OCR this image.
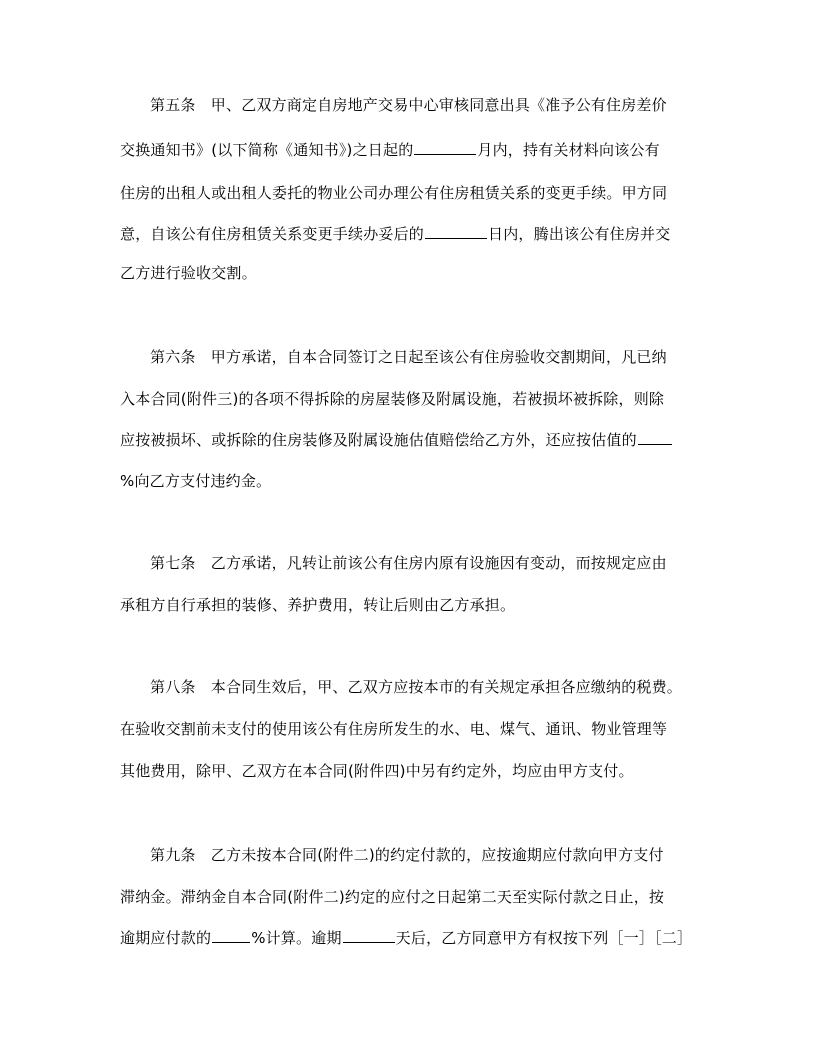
第五条　甲、乙双方商定自房地产交易中心审核同意出具《准予公有住房差价
交换通知书》(以下简称《通知书》)之日起的	月内，持有关材料向该公有
住房的出租人或出租人委托的物业公司办理公有住房租赁关系的变更手续。甲方同
意，自该公有住房租赁关系变更手续办妥后的	日内，腾出该公有住房并交
乙方进行验收交割。
第六条　甲方承诺，自本合同签订之日起至该公有住房验收交割期间，凡已纳
入本合同(附件三)的各项不得拆除的房屋装修及附属设施，若被损坏被拆除，则除
应按被损坏、或拆除的住房装修及附属设施估值赔偿给乙方外，还应按估值的
%向乙方支付违约金。
第七条　乙方承诺，凡转让前该公有住房内原有设施因有变动，而按规定应由
承租方自行承担的装修、养护费用，转让后则由乙方承担。
第八条　本合同生效后，甲、乙双方应按本市的有关规定承担各应缴纳的税费。
在验收交割前未支付的使用该公有住房所发生的水、电、煤气、通讯、物业管理等
其他费用，除甲、乙双方在本合同(附件四)中另有约定外，均应由甲方支付。
第九条　乙方未按本合同(附件二)的约定付款的，应按逾期应付款向甲方支付
滞纳金。滞纳金自本合同(附件二)约定的应付之日起第二天至实际付款之日止，按
逾期应付款的	%计算。逾期	天后，乙方同意甲方有权按下列［一］［二］
